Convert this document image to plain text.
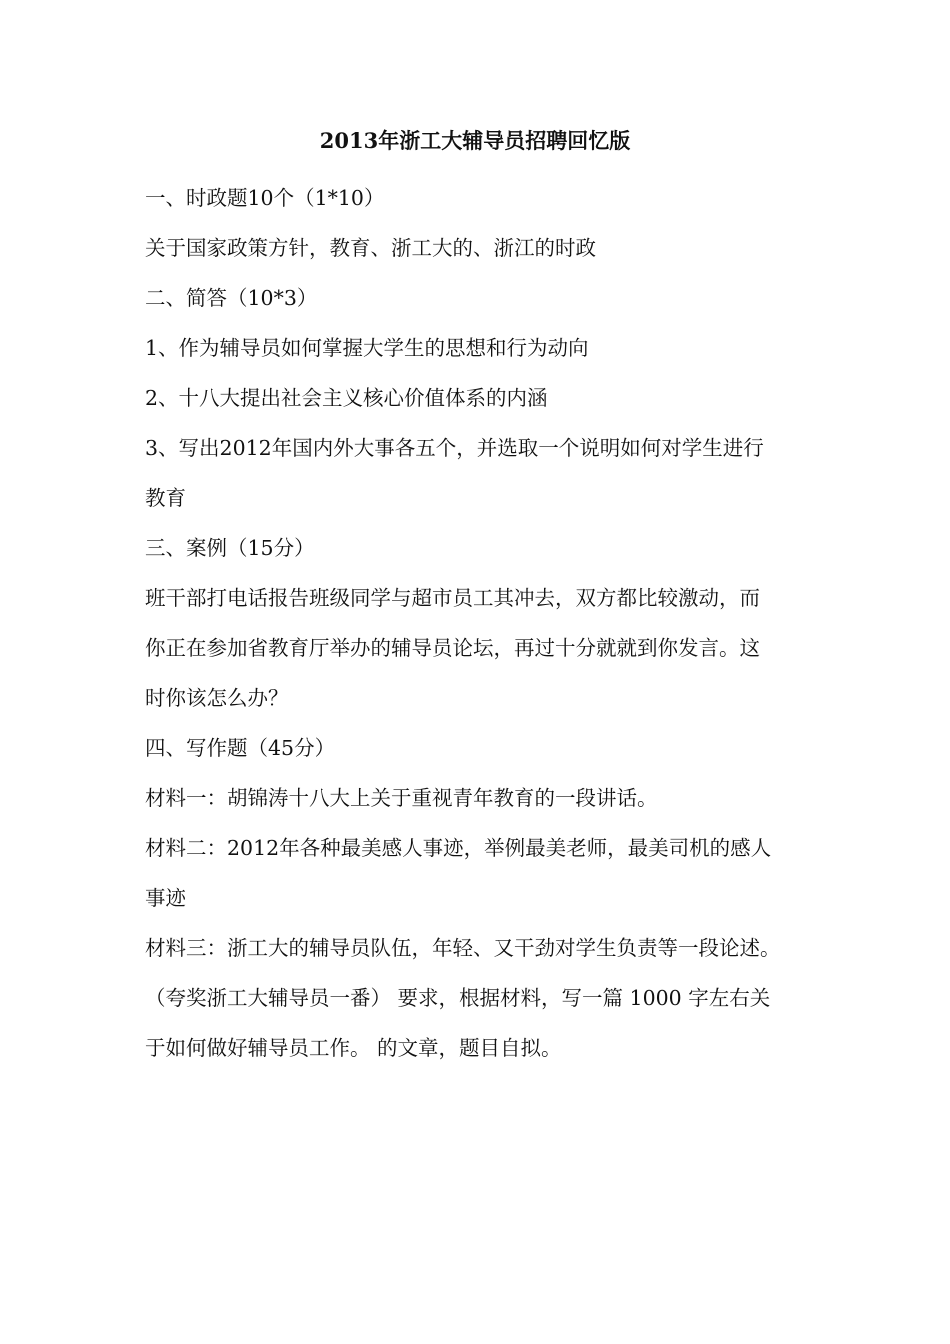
2013年浙工大辅导员招聘回忆版
一、时政题10个（1*10）
关于国家政策方针，教育、浙工大的、浙江的时政
二、简答（10*3）
1、作为辅导员如何掌握大学生的思想和行为动向
2、十八大提出社会主义核心价值体系的内涵
3、写出2012年国内外大事各五个，并选取一个说明如何对学生进行
教育
三、案例（15分）
班干部打电话报告班级同学与超市员工其冲去，双方都比较激动，而
你正在参加省教育厅举办的辅导员论坛，再过十分就就到你发言。这
时你该怎么办？
四、写作题（45分）
材料一：胡锦涛十八大上关于重视青年教育的一段讲话。
材料二：2012年各种最美感人事迹，举例最美老师，最美司机的感人
事迹
材料三：浙工大的辅导员队伍，年轻、又干劲对学生负责等一段论述。
（夸奖浙工大辅导员一番） 要求，根据材料，写一篇 1000 字左右关
于如何做好辅导员工作。 的文章，题目自拟。
